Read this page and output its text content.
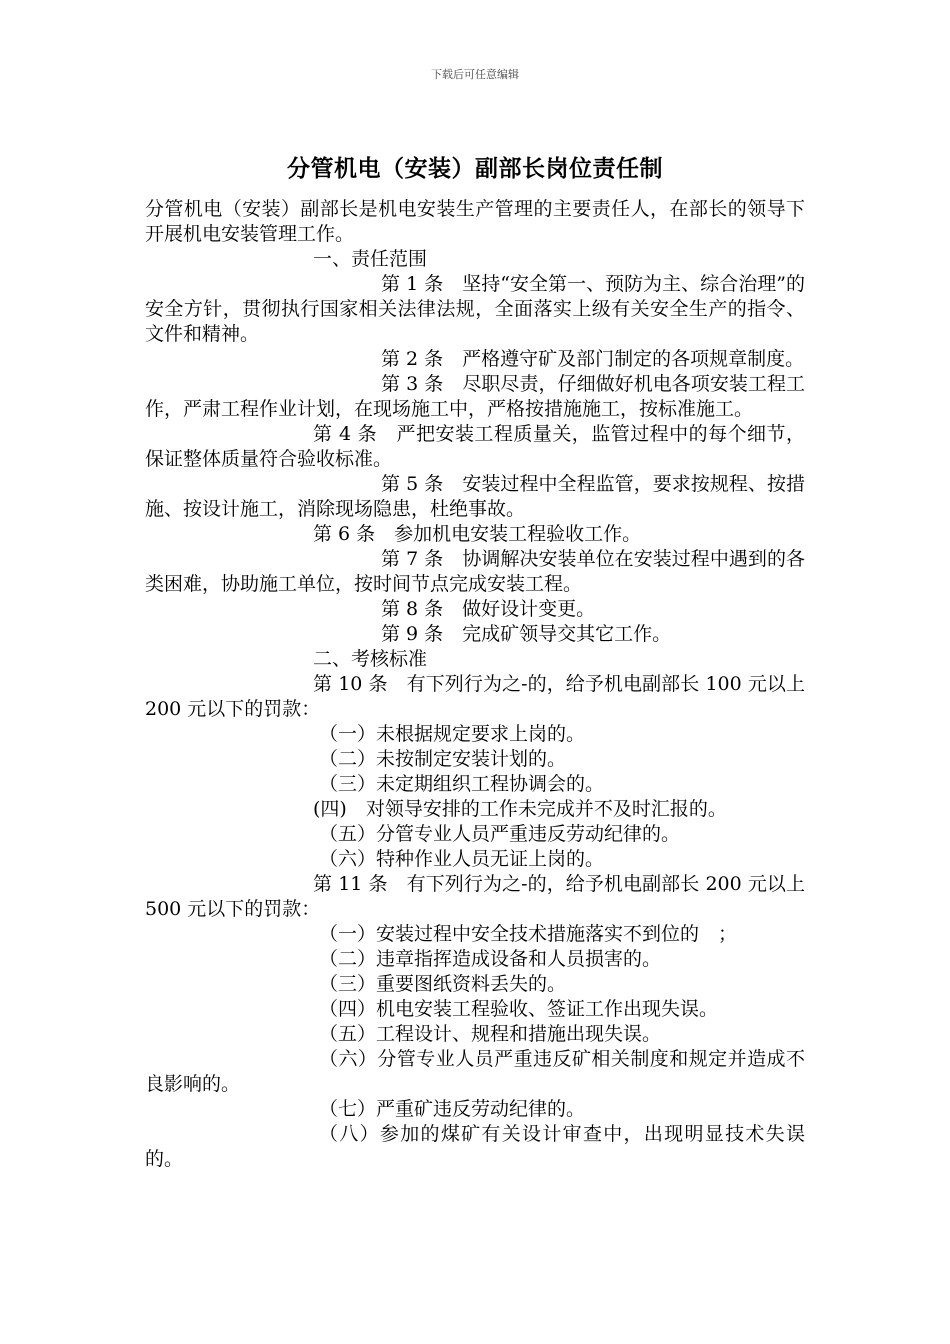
下载后可任意编辑
分管机电（安装）副部长岗位责任制

分管机电（安装）副部长是机电安装生产管理的主要责任人，在部长的领导下开展机电安装管理工作。

一、责任范围

第 1 条　坚持“安全第一、预防为主、综合治理”的安全方针，贯彻执行国家相关法律法规，全面落实上级有关安全生产的指令、文件和精神。

第 2 条　严格遵守矿及部门制定的各项规章制度。

第 3 条　尽职尽责，仔细做好机电各项安装工程工作，严肃工程作业计划，在现场施工中，严格按措施施工，按标准施工。

第 4 条　严把安装工程质量关，监管过程中的每个细节，保证整体质量符合验收标准。

第 5 条　安装过程中全程监管，要求按规程、按措施、按设计施工，消除现场隐患，杜绝事故。

第 6 条　参加机电安装工程验收工作。

第 7 条　协调解决安装单位在安装过程中遇到的各类困难，协助施工单位，按时间节点完成安装工程。

第 8 条　做好设计变更。

第 9 条　完成矿领导交其它工作。

二、考核标准

第 10 条　有下列行为之-的，给予机电副部长 100 元以上 200 元以下的罚款：

（一）未根据规定要求上岗的。

（二）未按制定安装计划的。

（三）未定期组织工程协调会的。

(四)　对领导安排的工作未完成并不及时汇报的。

（五）分管专业人员严重违反劳动纪律的。

（六）特种作业人员无证上岗的。

第 11 条　有下列行为之-的，给予机电副部长 200 元以上 500 元以下的罚款：

（一）安装过程中安全技术措施落实不到位的　；

（二）违章指挥造成设备和人员损害的。

（三）重要图纸资料丢失的。

（四）机电安装工程验收、签证工作出现失误。

（五）工程设计、规程和措施出现失误。

（六）分管专业人员严重违反矿相关制度和规定并造成不良影响的。

（七）严重矿违反劳动纪律的。

（八）参加的煤矿有关设计审查中，出现明显技术失误的。
